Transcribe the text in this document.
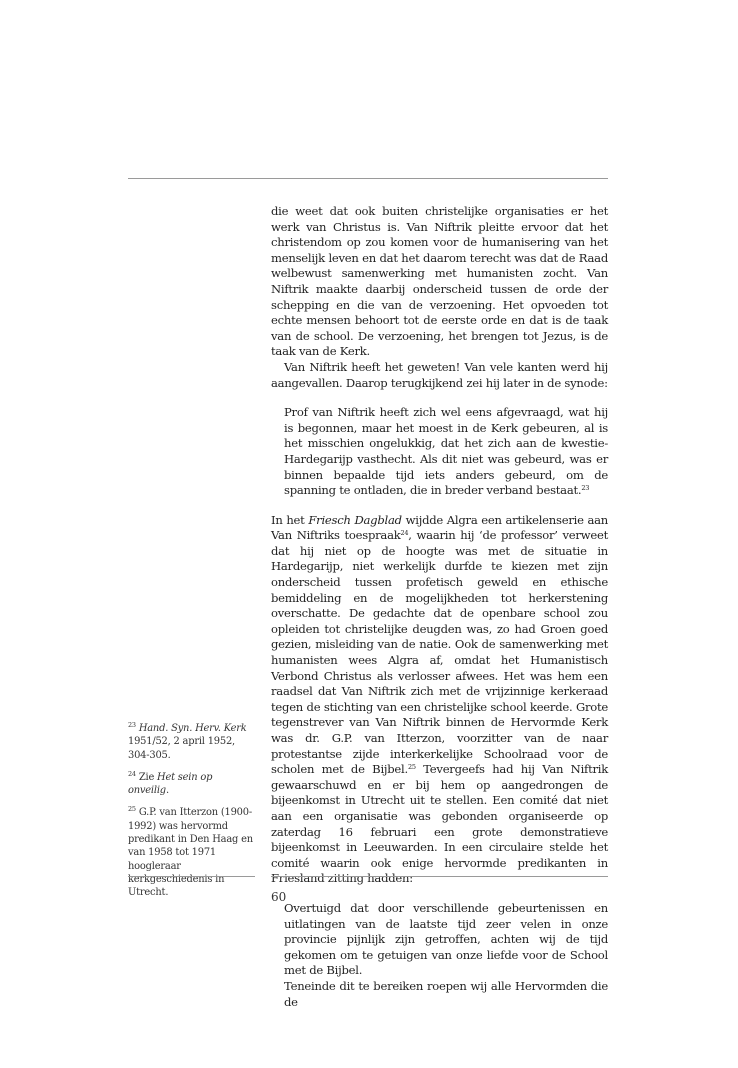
die weet dat ook buiten christelijke organisaties er het werk van Christus is. Van Niftrik pleitte ervoor dat het christendom op zou komen voor de humanisering van het menselijk leven en dat het daarom terecht was dat de Raad welbewust samenwerking met humanisten zocht. Van Niftrik maakte daarbij onderscheid tussen de orde der schepping en die van de verzoening. Het opvoeden tot echte mensen behoort tot de eerste orde en dat is de taak van de school. De verzoening, het brengen tot Jezus, is de taak van de Kerk.

Van Niftrik heeft het geweten! Van vele kanten werd hij aangevallen. Daarop terugkijkend zei hij later in de synode:

Prof van Niftrik heeft zich wel eens afgevraagd, wat hij is begonnen, maar het moest in de Kerk gebeuren, al is het misschien ongelukkig, dat het zich aan de kwestie-Hardegarijp vasthecht. Als dit niet was gebeurd, was er binnen bepaalde tijd iets anders gebeurd, om de spanning te ontladen, die in breder verband bestaat.$^{23}$

In het Friesch Dagblad wijdde Algra een artikelenserie aan Van Niftriks toespraak$^{24}$, waarin hij ‘de professor’ verweet dat hij niet op de hoogte was met de situatie in Hardegarijp, niet werkelijk durfde te kiezen met zijn onderscheid tussen profetisch geweld en ethische bemiddeling en de mogelijkheden tot herkerstening overschatte. De gedachte dat de openbare school zou opleiden tot christelijke deugden was, zo had Groen goed gezien, misleiding van de natie. Ook de samenwerking met humanisten wees Algra af, omdat het Humanistisch Verbond Christus als verlosser afwees. Het was hem een raadsel dat Van Niftrik zich met de vrijzinnige kerkeraad tegen de stichting van een christelijke school keerde. Grote tegenstrever van Van Niftrik binnen de Hervormde Kerk was dr. G.P. van Itterzon, voorzitter van de naar protestantse zijde interkerkelijke Schoolraad voor de scholen met de Bijbel.$^{25}$ Tevergeefs had hij Van Niftrik gewaarschuwd en er bij hem op aangedrongen de bijeenkomst in Utrecht uit te stellen. Een comité dat niet aan een organisatie was gebonden organiseerde op zaterdag 16 februari een grote demonstratieve bijeenkomst in Leeuwarden. In een circulaire stelde het comité waarin ook enige hervormde predikanten in Friesland zitting hadden:

Overtuigd dat door verschillende gebeurtenissen en uitlatingen van de laatste tijd zeer velen in onze provincie pijnlijk zijn getroffen, achten wij de tijd gekomen om te getuigen van onze liefde voor de School met de Bijbel.

Teneinde dit te bereiken roepen wij alle Hervormden die de

$^{23}$ Hand. Syn. Herv. Kerk 1951/52, 2 april 1952, 304-305.

$^{24}$ Zie Het sein op onveilig.

$^{25}$ G.P. van Itterzon (1900-1992) was hervormd predikant in Den Haag en van 1958 tot 1971 hoogleraar kerkgeschiedenis in Utrecht.	60
